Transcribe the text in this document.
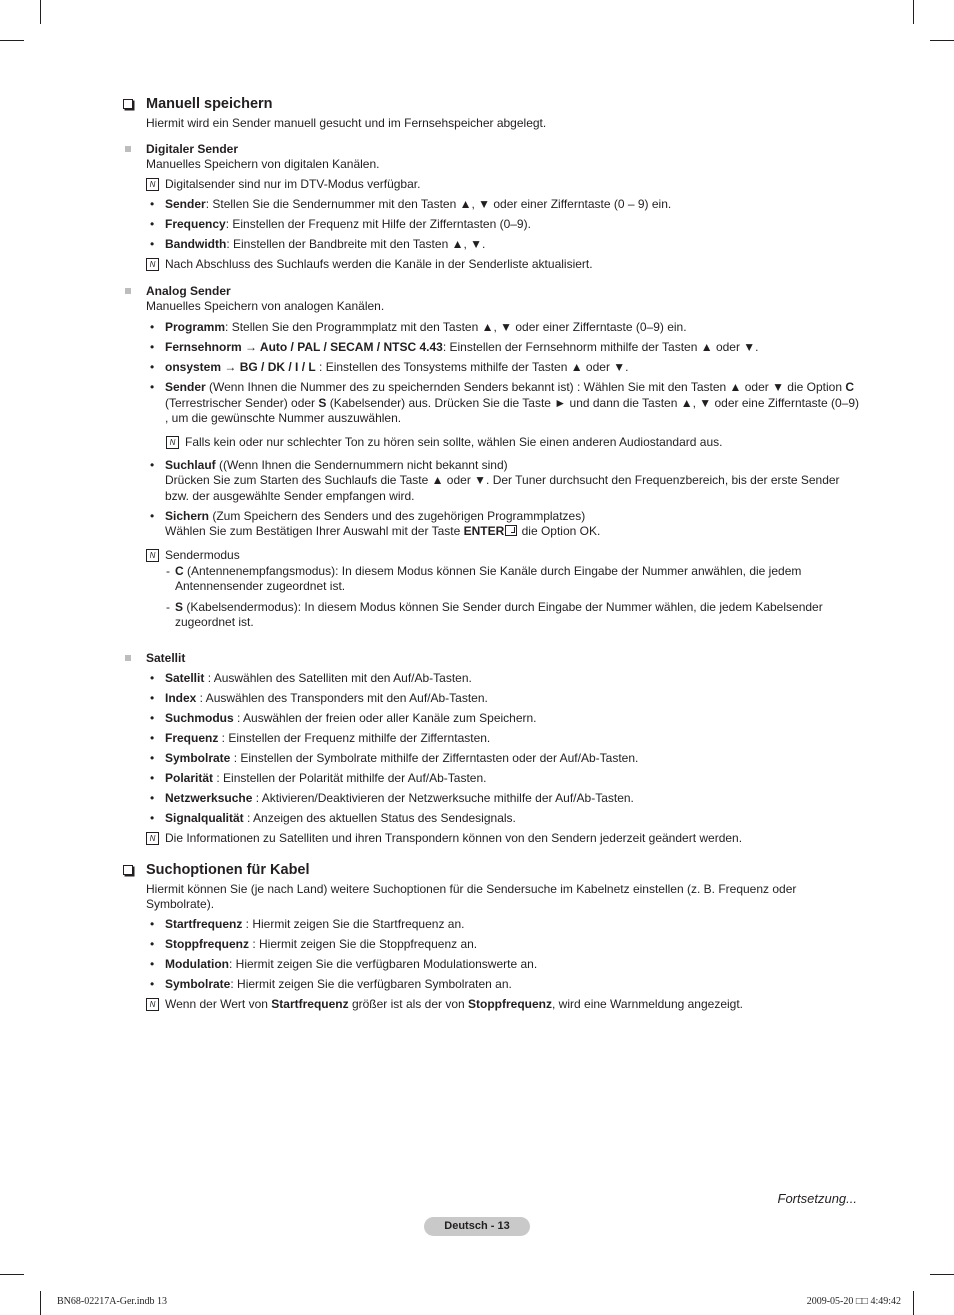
Manuell speichern
Hiermit wird ein Sender manuell gesucht und im Fernsehspeicher abgelegt.
Digitaler Sender
Manuelles Speichern von digitalen Kanälen.
N Digitalsender sind nur im DTV-Modus verfügbar.
• Sender: Stellen Sie die Sendernummer mit den Tasten ▲, ▼ oder einer Zifferntaste (0 – 9) ein.
• Frequency: Einstellen der Frequenz mit Hilfe der Zifferntasten (0–9).
• Bandwidth: Einstellen der Bandbreite mit den Tasten ▲, ▼.
N Nach Abschluss des Suchlaufs werden die Kanäle in der Senderliste aktualisiert.
Analog Sender
Manuelles Speichern von analogen Kanälen.
• Programm: Stellen Sie den Programmplatz mit den Tasten ▲, ▼ oder einer Zifferntaste (0–9) ein.
• Fernsehnorm → Auto / PAL / SECAM / NTSC 4.43: Einstellen der Fernsehnorm mithilfe der Tasten ▲ oder ▼.
• onsystem → BG / DK / I / L : Einstellen des Tonsystems mithilfe der Tasten ▲ oder ▼.
• Sender (Wenn Ihnen die Nummer des zu speichernden Senders bekannt ist) : Wählen Sie mit den Tasten ▲ oder ▼ die Option C (Terrestrischer Sender) oder S (Kabelsender) aus. Drücken Sie die Taste ► und dann die Tasten ▲, ▼ oder eine Zifferntaste (0–9) , um die gewünschte Nummer auszuwählen.
N Falls kein oder nur schlechter Ton zu hören sein sollte, wählen Sie einen anderen Audiostandard aus.
• Suchlauf ((Wenn Ihnen die Sendernummern nicht bekannt sind)
Drücken Sie zum Starten des Suchlaufs die Taste ▲ oder ▼. Der Tuner durchsucht den Frequenzbereich, bis der erste Sender bzw. der ausgewählte Sender empfangen wird.
• Sichern (Zum Speichern des Senders und des zugehörigen Programmplatzes)
Wählen Sie zum Bestätigen Ihrer Auswahl mit der Taste ENTER die Option OK.
N Sendermodus
- C (Antennenempfangsmodus): In diesem Modus können Sie Kanäle durch Eingabe der Nummer anwählen, die jedem Antennensender zugeordnet ist.
- S (Kabelsendermodus): In diesem Modus können Sie Sender durch Eingabe der Nummer wählen, die jedem Kabelsender zugeordnet ist.
Satellit
• Satellit : Auswählen des Satelliten mit den Auf/Ab-Tasten.
• Index : Auswählen des Transponders mit den Auf/Ab-Tasten.
• Suchmodus : Auswählen der freien oder aller Kanäle zum Speichern.
• Frequenz : Einstellen der Frequenz mithilfe der Zifferntasten.
• Symbolrate : Einstellen der Symbolrate mithilfe der Zifferntasten oder der Auf/Ab-Tasten.
• Polarität : Einstellen der Polarität mithilfe der Auf/Ab-Tasten.
• Netzwerksuche : Aktivieren/Deaktivieren der Netzwerksuche mithilfe der Auf/Ab-Tasten.
• Signalqualität : Anzeigen des aktuellen Status des Sendesignals.
N Die Informationen zu Satelliten und ihren Transpondern können von den Sendern jederzeit geändert werden.
Suchoptionen für Kabel
Hiermit können Sie (je nach Land) weitere Suchoptionen für die Sendersuche im Kabelnetz einstellen (z. B. Frequenz oder Symbolrate).
• Startfrequenz : Hiermit zeigen Sie die Startfrequenz an.
• Stoppfrequenz : Hiermit zeigen Sie die Stoppfrequenz an.
• Modulation: Hiermit zeigen Sie die verfügbaren Modulationswerte an.
• Symbolrate: Hiermit zeigen Sie die verfügbaren Symbolraten an.
N Wenn der Wert von Startfrequenz größer ist als der von Stoppfrequenz, wird eine Warnmeldung angezeigt.
Fortsetzung...
Deutsch - 13
BN68-02217A-Ger.indb 13	2009-05-20 □□ 4:49:42
